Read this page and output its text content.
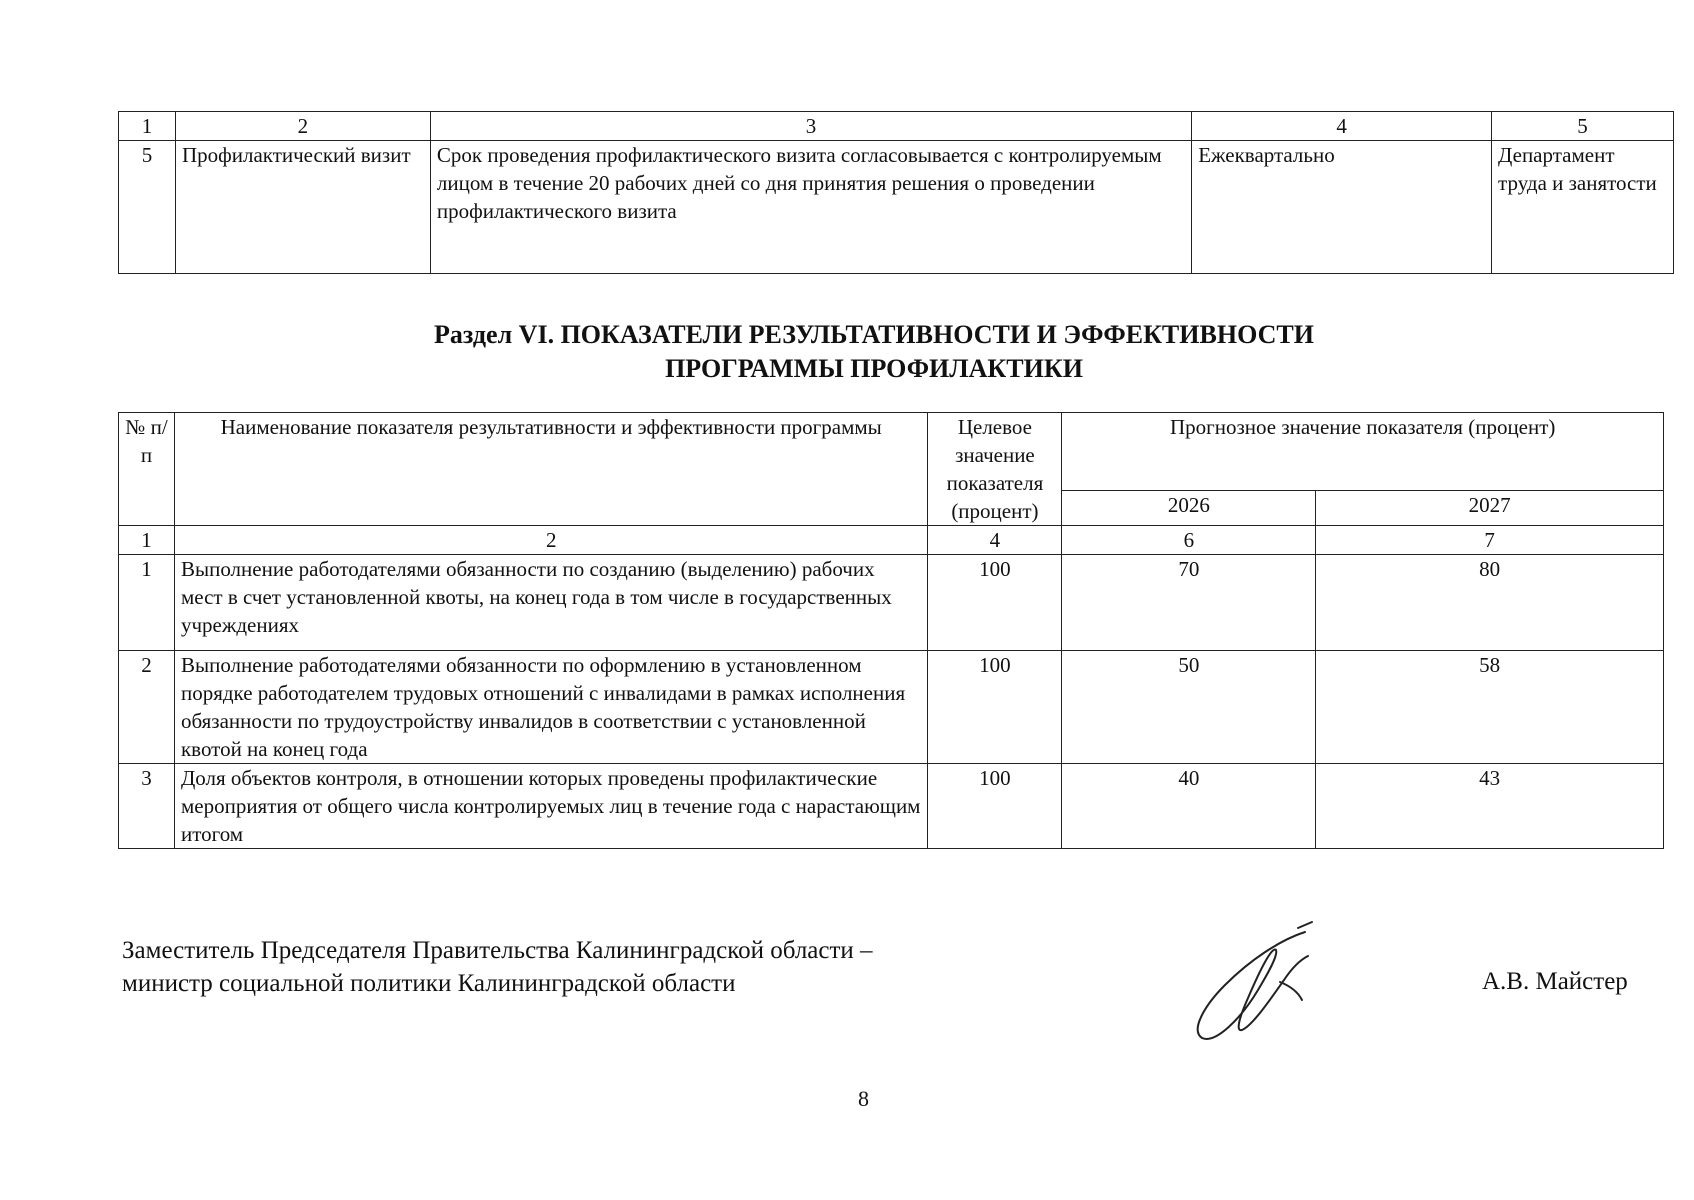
1	2	3	4	5
5	Профилактический визит	Срок проведения профилактического визита согласовывается с контролируемым лицом в течение 20 рабочих дней со дня принятия решения о проведении профилактического визита	Ежеквартально	Департамент труда и занятости
Раздел VI. ПОКАЗАТЕЛИ РЕЗУЛЬТАТИВНОСТИ И ЭФФЕКТИВНОСТИ
ПРОГРАММЫ ПРОФИЛАКТИКИ
№ п/п	Наименование показателя результативности и эффективности программы	Целевое значение показателя (процент)	Прогнозное значение показателя (процент)	
			2026	2027
1	2	4	6	7
1	Выполнение работодателями обязанности по созданию (выделению) рабочих мест в счет установленной квоты, на конец года в том числе в государственных учреждениях	100	70	80
2	Выполнение работодателями обязанности по оформлению в установленном порядке работодателем трудовых отношений с инвалидами в рамках исполнения обязанности по трудоустройству инвалидов в соответствии с установленной квотой на конец года	100	50	58
3	Доля объектов контроля, в отношении которых проведены профилактические мероприятия от общего числа контролируемых лиц в течение года с нарастающим итогом	100	40	43
Заместитель Председателя Правительства Калининградской области –
министр социальной политики Калининградской области	А.В. Майстер
8
